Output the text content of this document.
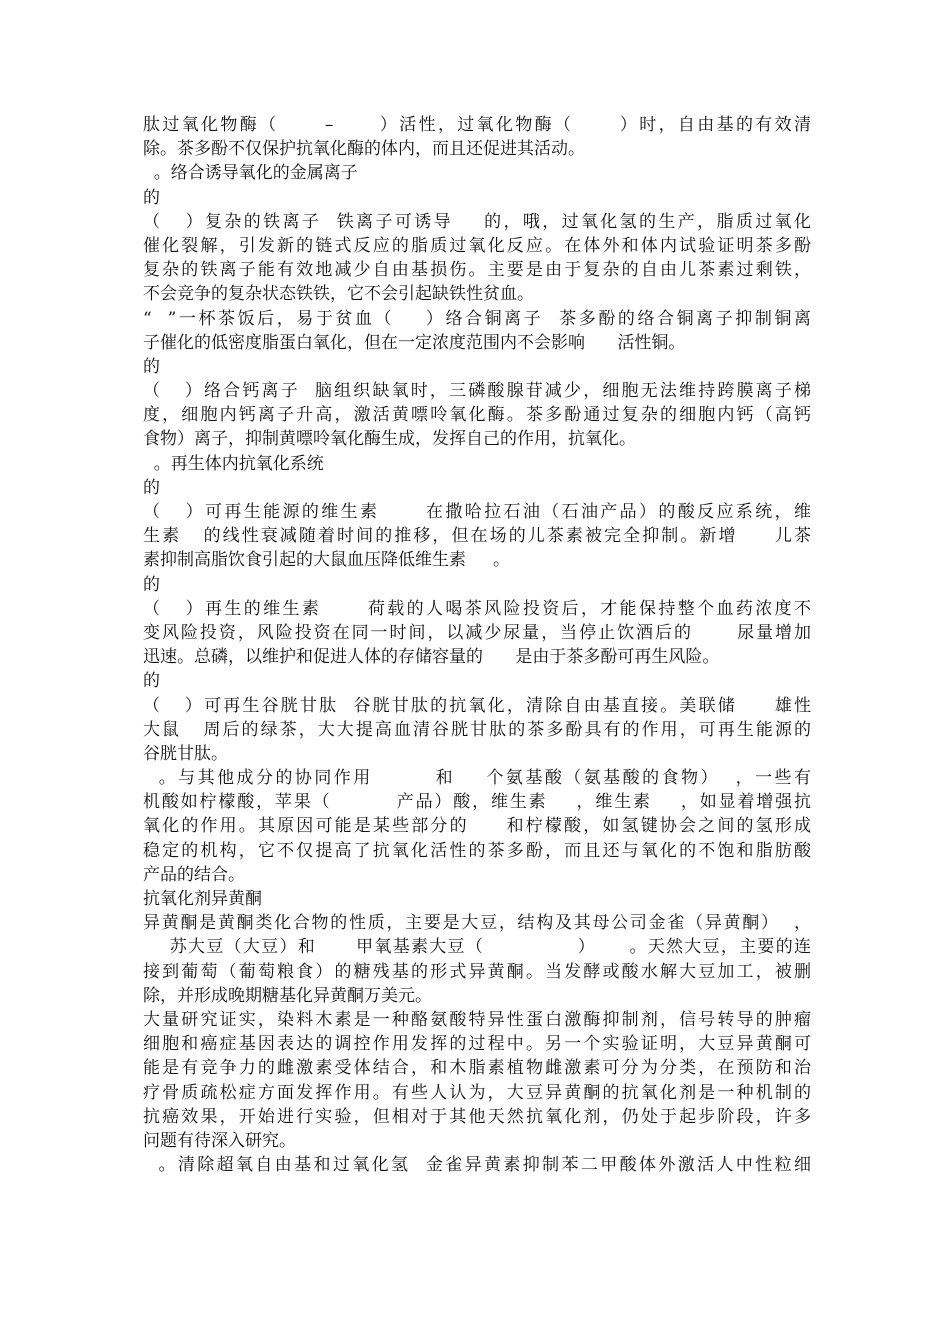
肽过氧化物酶（      –      ）活性，过氧化物酶（      ）时，自由基的有效清
除。茶多酚不仅保护抗氧化酶的体内，而且还促进其活动。
。络合诱导氧化的金属离子
的
（   ）复杂的铁离子  铁离子可诱导    的，哦，过氧化氢的生产，脂质过氧化
催化裂解，引发新的链式反应的脂质过氧化反应。在体外和体内试验证明茶多酚
复杂的铁离子能有效地减少自由基损伤。主要是由于复杂的自由儿茶素过剩铁，
不会竞争的复杂状态铁铁，它不会引起缺铁性贫血。
“  ”一杯茶饭后，易于贫血（    ）络合铜离子  茶多酚的络合铜离子抑制铜离
子催化的低密度脂蛋白氧化，但在一定浓度范围内不会影响      活性铜。
的
（   ）络合钙离子  脑组织缺氧时，三磷酸腺苷减少，细胞无法维持跨膜离子梯
度，细胞内钙离子升高，激活黄嘌呤氧化酶。茶多酚通过复杂的细胞内钙（高钙
食物）离子，抑制黄嘌呤氧化酶生成，发挥自己的作用，抗氧化。
。再生体内抗氧化系统
的
（   ）可再生能源的维生素      在撒哈拉石油（石油产品）的酸反应系统，维
生素   的线性衰减随着时间的推移，但在场的儿茶素被完全抑制。新增     儿茶
素抑制高脂饮食引起的大鼠血压降低维生素     。
的
（   ）再生的维生素      荷载的人喝茶风险投资后，才能保持整个血药浓度不
变风险投资，风险投资在同一时间，以减少尿量，当停止饮酒后的      尿量增加
迅速。总磷，以维护和促进人体的存储容量的      是由于茶多酚可再生风险。
的
（   ）可再生谷胱甘肽  谷胱甘肽的抗氧化，清除自由基直接。美联储     雄性
大鼠   周后的绿茶，大大提高血清谷胱甘肽的茶多酚具有的作用，可再生能源的
谷胱甘肽。
。与其他成分的协同作用        和    个氨基酸（氨基酸的食物）  ，一些有
机酸如柠檬酸，苹果（         产品）酸，维生素    ，维生素    ，如显着增强抗
氧化的作用。其原因可能是某些部分的     和柠檬酸，如氢键协会之间的氢形成
稳定的机构，它不仅提高了抗氧化活性的茶多酚，而且还与氧化的不饱和脂肪酸
产品的结合。
抗氧化剂异黄酮
异黄酮是黄酮类化合物的性质，主要是大豆，结构及其母公司金雀（异黄酮）  ，
苏大豆（大豆）和      甲氧基素大豆（              ）     。天然大豆，主要的连
接到葡萄（葡萄粮食）的糖残基的形式异黄酮。当发酵或酸水解大豆加工，被删
除，并形成晚期糖基化异黄酮万美元。
大量研究证实，染料木素是一种酪氨酸特异性蛋白激酶抑制剂，信号转导的肿瘤
细胞和癌症基因表达的调控作用发挥的过程中。另一个实验证明，大豆异黄酮可
能是有竞争力的雌激素受体结合，和木脂素植物雌激素可分为分类，在预防和治
疗骨质疏松症方面发挥作用。有些人认为，大豆异黄酮的抗氧化剂是一种机制的
抗癌效果，开始进行实验，但相对于其他天然抗氧化剂，仍处于起步阶段，许多
问题有待深入研究。
。清除超氧自由基和过氧化氢  金雀异黄素抑制苯二甲酸体外激活人中性粒细
